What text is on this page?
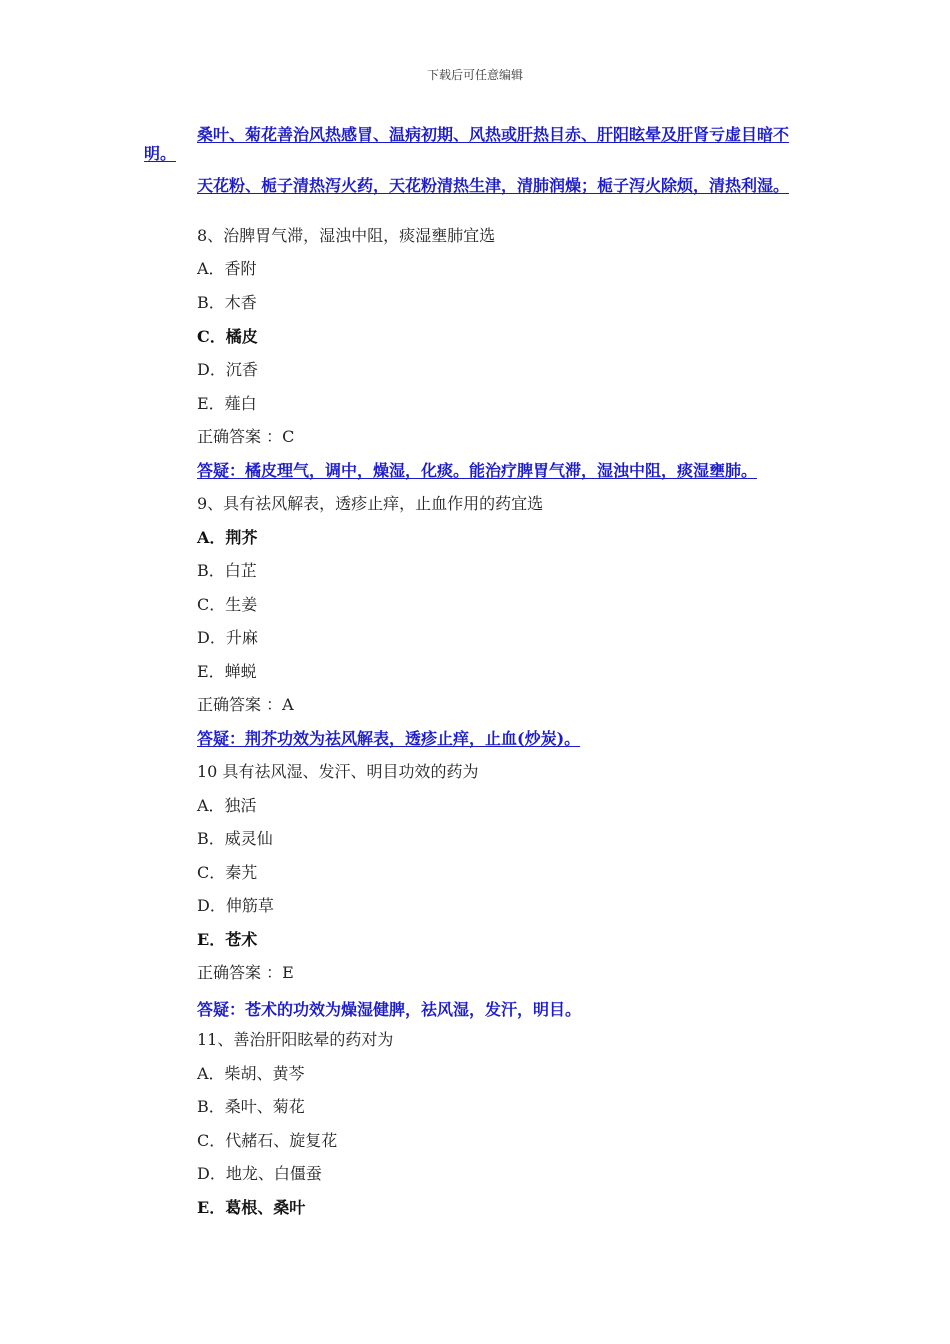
下载后可任意编辑
桑叶、菊花善治风热感冒、温病初期、风热或肝热目赤、肝阳眩晕及肝肾亏虚目暗不明。
天花粉、栀子清热泻火药，天花粉清热生津，清肺润燥；栀子泻火除烦，清热利湿。
8、治脾胃气滞，湿浊中阻，痰湿壅肺宜选
A．香附
B．木香
C．橘皮
D．沉香
E．薤白
正确答案 ：C
答疑：橘皮理气，调中，燥湿，化痰。能治疗脾胃气滞，湿浊中阻，痰湿壅肺。
9、具有祛风解表，透疹止痒，止血作用的药宜选
A．荆芥
B．白芷
C．生姜
D．升麻
E．蝉蜕
正确答案 ：A
答疑：荆芥功效为祛风解表，透疹止痒，止血(炒炭)。
10 具有祛风湿、发汗、明目功效的药为
A．独活
B．威灵仙
C．秦艽
D．伸筋草
E．苍术
正确答案 ：E
答疑：苍术的功效为燥湿健脾，祛风湿，发汗，明目。
11、善治肝阳眩晕的药对为
A．柴胡、黄芩
B．桑叶、菊花
C．代赭石、旋复花
D．地龙、白僵蚕
E．葛根、桑叶
